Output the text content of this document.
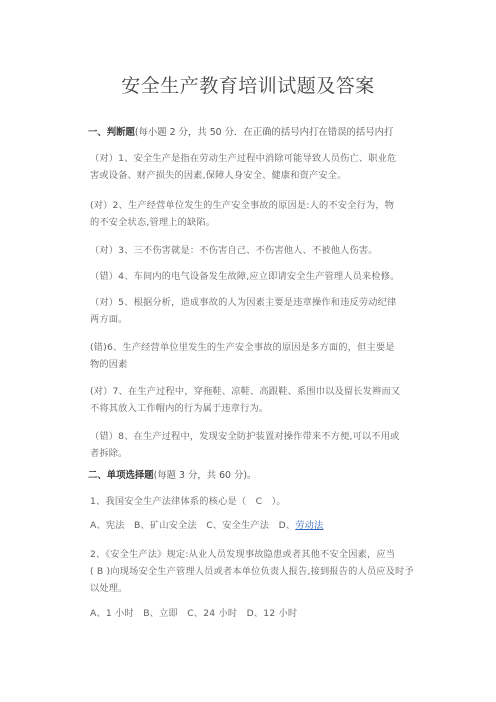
安全生产教育培训试题及答案
一、判断题(每小题 2 分，共 50 分．在正确的括号内打在错误的括号内打
（对）1、安全生产是指在劳动生产过程中消除可能导致人员伤亡、职业危
害或设备、财产损失的因素,保障人身安全、健康和资产安全。
(对）2、生产经营单位发生的生产安全事故的原因是:人的不安全行为，物
的不安全状态,管理上的缺陷。
（对）3、三不伤害就是：不伤害自己、不伤害他人、不被他人伤害。
（错）4、车间内的电气设备发生故障,应立即请安全生产管理人员来检修。
（对）5、根据分析，造成事故的人为因素主要是违章操作和违反劳动纪律
两方面。
(错)6、生产经营单位里发生的生产安全事故的原因是多方面的，但主要是
物的因素
(对）7、在生产过程中，穿拖鞋、凉鞋、高跟鞋、系围巾以及留长发辫而又
不将其放入工作帽内的行为属于违章行为。
（错）8、在生产过程中，发现安全防护装置对操作带来不方便,可以不用或
者拆除。
二、单项选择题(每题 3 分，共 60 分)。
1、我国安全生产法律体系的核心是（　C　）。
A、宪法　B、矿山安全法　C、安全生产法　D、劳动法
2、《安全生产法》规定:从业人员发现事故隐患或者其他不安全因素，应当
( B )向现场安全生产管理人员或者本单位负责人报告,接到报告的人员应及时予
以处理。
A、1 小时　B、立即　C、24 小时　D、12 小时
